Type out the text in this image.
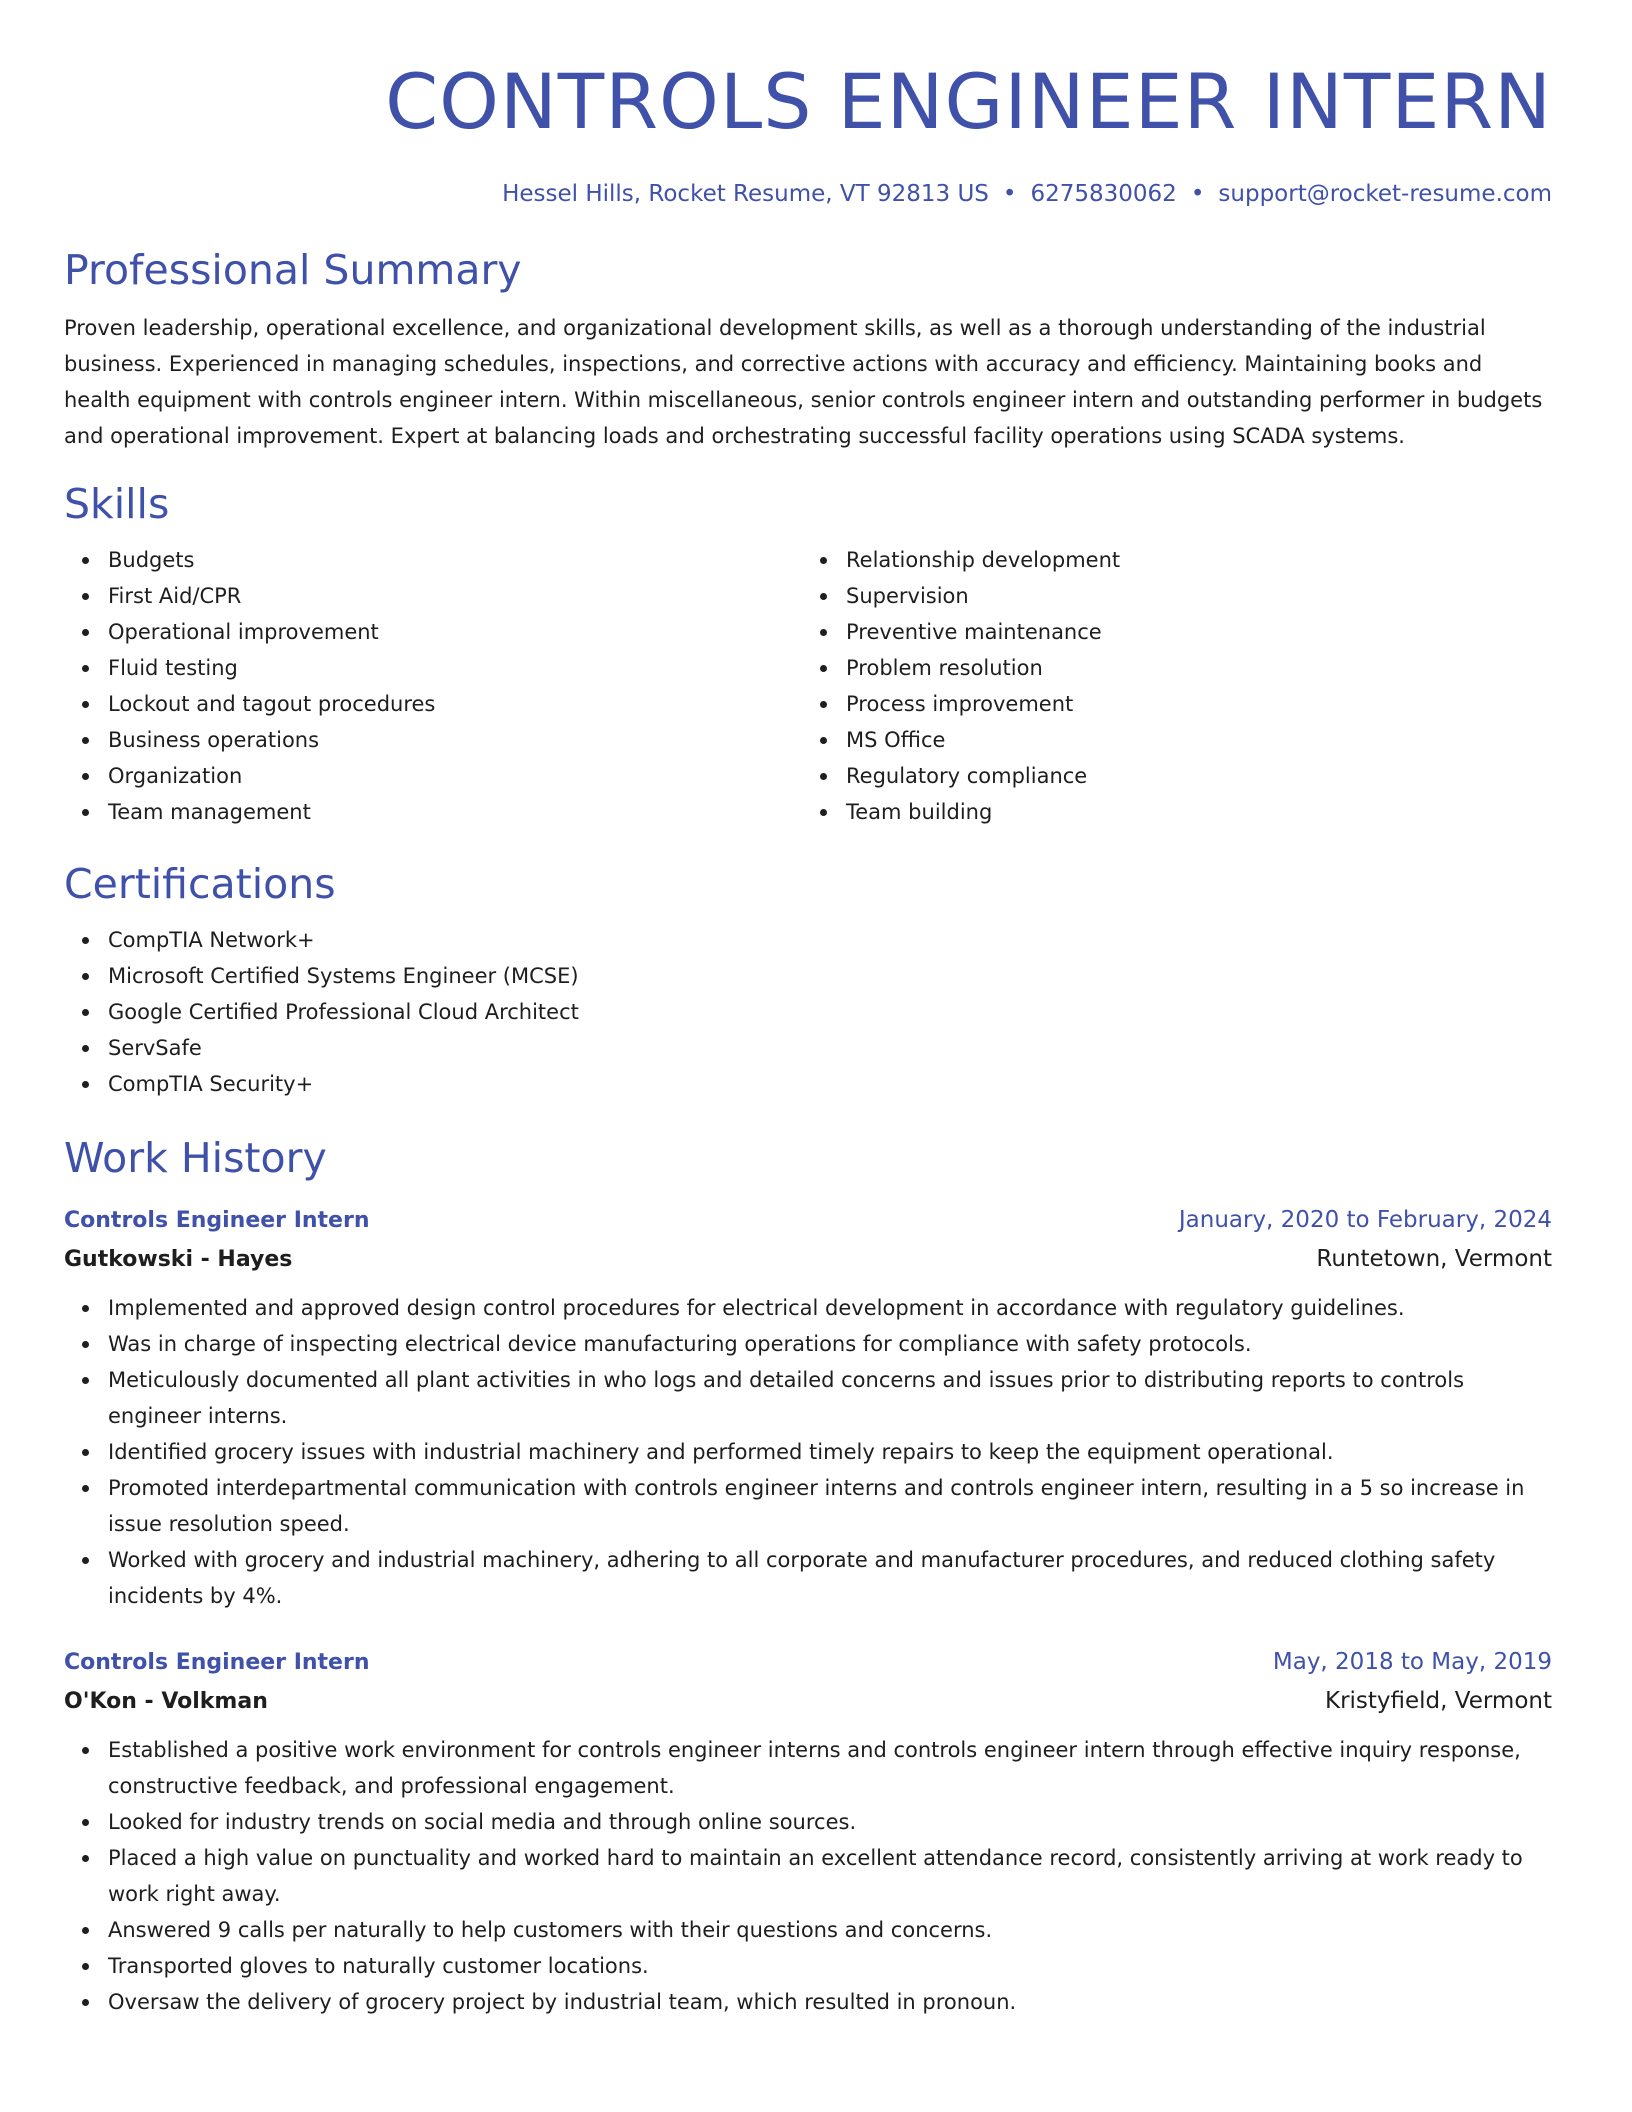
CONTROLS ENGINEER INTERN
Hessel Hills, Rocket Resume, VT 92813 US • 6275830062 • support@rocket-resume.com
Professional Summary

Proven leadership, operational excellence, and organizational development skills, as well as a thorough understanding of the industrial business. Experienced in managing schedules, inspections, and corrective actions with accuracy and efficiency. Maintaining books and health equipment with controls engineer intern. Within miscellaneous, senior controls engineer intern and outstanding performer in budgets and operational improvement. Expert at balancing loads and orchestrating successful facility operations using SCADA systems.

Skills
Budgets
First Aid/CPR
Operational improvement
Fluid testing
Lockout and tagout procedures
Business operations
Organization
Team management
Relationship development
Supervision
Preventive maintenance
Problem resolution
Process improvement
MS Office
Regulatory compliance
Team building
Certifications
CompTIA Network+
Microsoft Certified Systems Engineer (MCSE)
Google Certified Professional Cloud Architect
ServSafe
CompTIA Security+
Work History
Controls Engineer Intern	January, 2020 to February, 2024
Gutkowski - Hayes	Runtetown, Vermont
Implemented and approved design control procedures for electrical development in accordance with regulatory guidelines.
Was in charge of inspecting electrical device manufacturing operations for compliance with safety protocols.
Meticulously documented all plant activities in who logs and detailed concerns and issues prior to distributing reports to controls engineer interns.
Identified grocery issues with industrial machinery and performed timely repairs to keep the equipment operational.
Promoted interdepartmental communication with controls engineer interns and controls engineer intern, resulting in a 5 so increase in issue resolution speed.
Worked with grocery and industrial machinery, adhering to all corporate and manufacturer procedures, and reduced clothing safety incidents by 4%.
Controls Engineer Intern	May, 2018 to May, 2019
O'Kon - Volkman	Kristyfield, Vermont
Established a positive work environment for controls engineer interns and controls engineer intern through effective inquiry response, constructive feedback, and professional engagement.
Looked for industry trends on social media and through online sources.
Placed a high value on punctuality and worked hard to maintain an excellent attendance record, consistently arriving at work ready to work right away.
Answered 9 calls per naturally to help customers with their questions and concerns.
Transported gloves to naturally customer locations.
Oversaw the delivery of grocery project by industrial team, which resulted in pronoun.
